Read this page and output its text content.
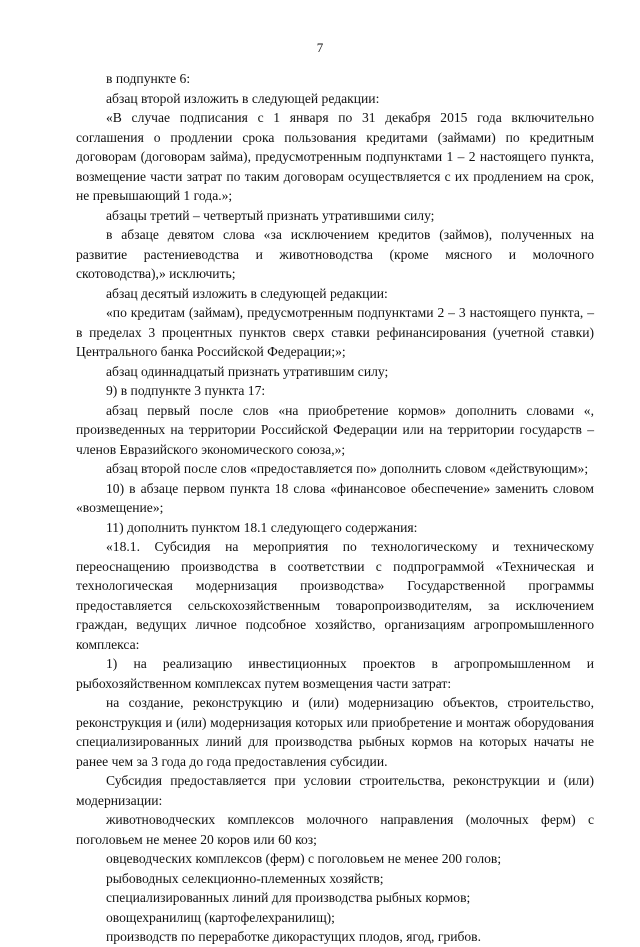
7

в подпункте 6:

абзац второй изложить в следующей редакции:

«В случае подписания с 1 января по 31 декабря 2015 года включительно соглашения о продлении срока пользования кредитами (займами) по кредитным договорам (договорам займа), предусмотренным подпунктами 1 – 2 настоящего пункта, возмещение части затрат по таким договорам осуществляется с их продлением на срок, не превышающий 1 года.»;

абзацы третий – четвертый признать утратившими силу;

в абзаце девятом слова «за исключением кредитов (займов), полученных на развитие растениеводства и животноводства (кроме мясного и молочного скотоводства),» исключить;

абзац десятый изложить в следующей редакции:

«по кредитам (займам), предусмотренным подпунктами 2 – 3 настоящего пункта, – в пределах 3 процентных пунктов сверх ставки рефинансирования (учетной ставки) Центрального банка Российской Федерации;»;

абзац одиннадцатый признать утратившим силу;

9) в подпункте 3 пункта 17:

абзац первый после слов «на приобретение кормов» дополнить словами «, произведенных на территории Российской Федерации или на территории государств – членов Евразийского экономического союза,»;

абзац второй после слов «предоставляется по» дополнить словом «действующим»;

10) в абзаце первом пункта 18 слова «финансовое обеспечение» заменить словом «возмещение»;

11) дополнить пунктом 18.1 следующего содержания:

«18.1. Субсидия на мероприятия по технологическому и техническому переоснащению производства в соответствии с подпрограммой «Техническая и технологическая модернизация производства» Государственной программы предоставляется сельскохозяйственным товаропроизводителям, за исключением граждан, ведущих личное подсобное хозяйство, организациям агропромышленного комплекса:

1) на реализацию инвестиционных проектов в агропромышленном и рыбохозяйственном комплексах путем возмещения части затрат:

на создание, реконструкцию и (или) модернизацию объектов, строительство, реконструкция и (или) модернизация которых или приобретение и монтаж оборудования специализированных линий для производства рыбных кормов на которых начаты не ранее чем за 3 года до года предоставления субсидии.

Субсидия предоставляется при условии строительства, реконструкции и (или) модернизации:

животноводческих комплексов молочного направления (молочных ферм) с поголовьем не менее 20 коров или 60 коз;

овцеводческих комплексов (ферм) с поголовьем не менее 200 голов;

рыбоводных селекционно-племенных хозяйств;

специализированных линий для производства рыбных кормов;

овощехранилищ (картофелехранилищ);

производств по переработке дикорастущих плодов, ягод, грибов.
